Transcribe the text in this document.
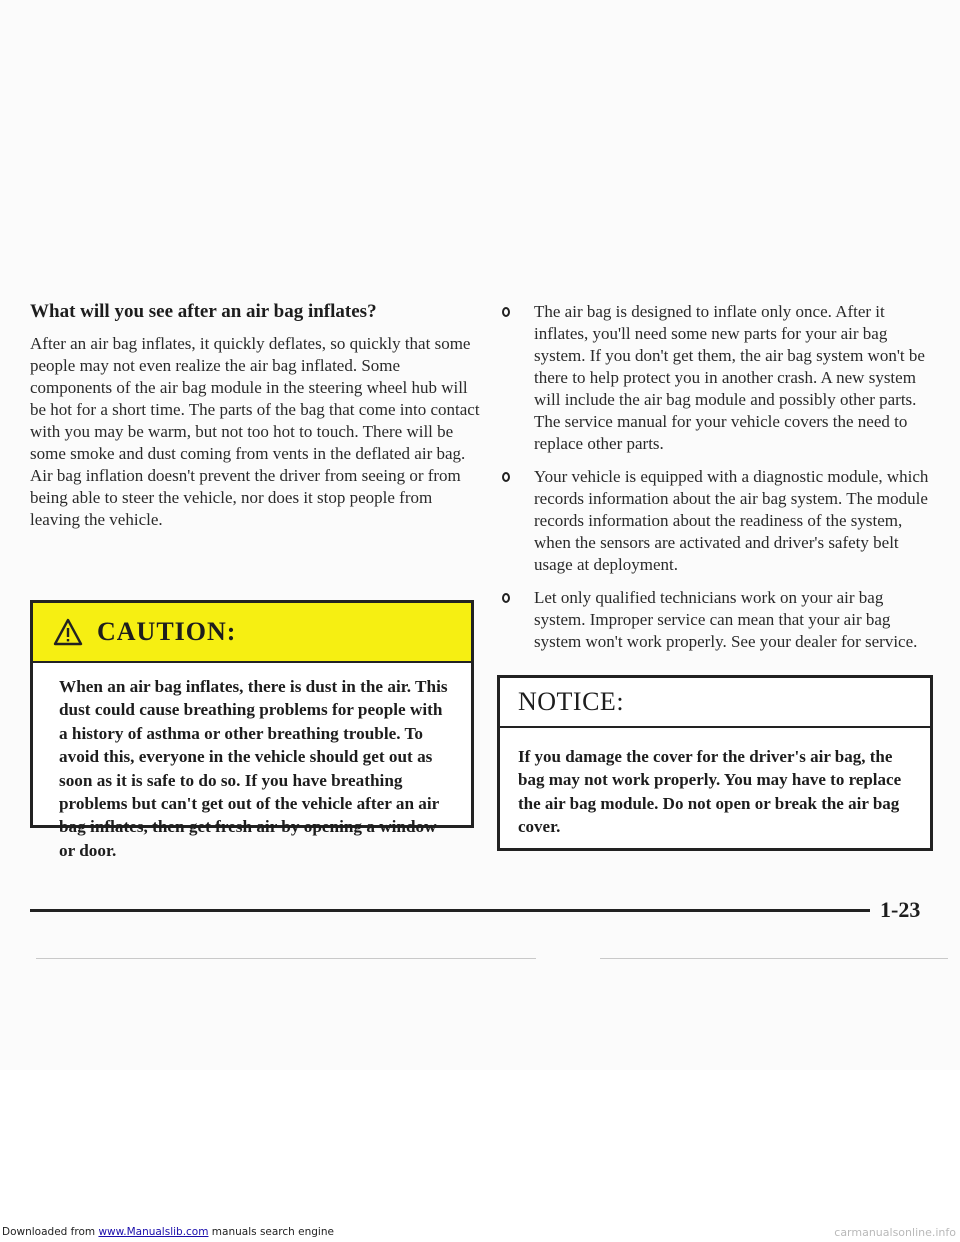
What will you see after an air bag inflates?

After an air bag inflates, it quickly deflates, so quickly that some people may not even realize the air bag inflated. Some components of the air bag module in the steering wheel hub will be hot for a short time. The parts of the bag that come into contact with you may be warm, but not too hot to touch. There will be some smoke and dust coming from vents in the deflated air bag. Air bag inflation doesn't prevent the driver from seeing or from being able to steer the vehicle, nor does it stop people from leaving the vehicle.

CAUTION:

When an air bag inflates, there is dust in the air. This dust could cause breathing problems for people with a history of asthma or other breathing trouble. To avoid this, everyone in the vehicle should get out as soon as it is safe to do so. If you have breathing problems but can't get out of the vehicle after an air bag inflates, then get fresh air by opening a window or door.

The air bag is designed to inflate only once. After it inflates, you'll need some new parts for your air bag system. If you don't get them, the air bag system won't be there to help protect you in another crash. A new system will include the air bag module and possibly other parts. The service manual for your vehicle covers the need to replace other parts.
Your vehicle is equipped with a diagnostic module, which records information about the air bag system. The module records information about the readiness of the system, when the sensors are activated and driver's safety belt usage at deployment.
Let only qualified technicians work on your air bag system. Improper service can mean that your air bag system won't work properly. See your dealer for service.
NOTICE:

If you damage the cover for the driver's air bag, the bag may not work properly. You may have to replace the air bag module. Do not open or break the air bag cover.

1-23
Downloaded from www.Manualslib.com manuals search engine	carmanualsonline.info
